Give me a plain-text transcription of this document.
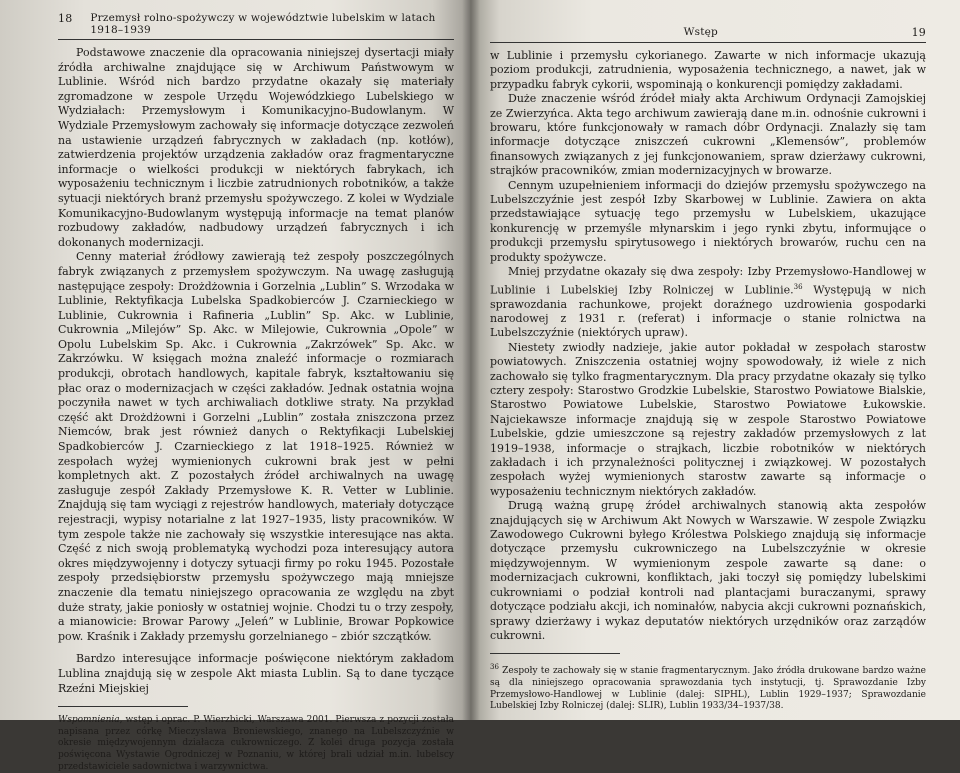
18 Przemysł rolno-spożywczy w województwie lubelskim w latach 1918–1939

Podstawowe znaczenie dla opracowania niniejszej dysertacji miały źródła archiwalne znajdujące się w Archiwum Państwowym w Lublinie. Wśród nich bardzo przydatne okazały się materiały zgromadzone w zespole Urzędu Wojewódzkiego Lubelskiego w Wydziałach: Przemysłowym i Komunikacyjno-Budowlanym. W Wydziale Przemysłowym zachowały się informacje dotyczące zezwoleń na ustawienie urządzeń fabrycznych w zakładach (np. kotłów), zatwierdzenia projektów urządzenia zakładów oraz fragmentaryczne informacje o wielkości produkcji w niektórych fabrykach, ich wyposażeniu technicznym i liczbie zatrudnionych robotników, a także sytuacji niektórych branż przemysłu spożywczego. Z kolei w Wydziale Komunikacyjno-Budowlanym występują informacje na temat planów rozbudowy zakładów, nadbudowy urządzeń fabrycznych i ich dokonanych modernizacji.

Cenny materiał źródłowy zawierają też zespoły poszczególnych fabryk związanych z przemysłem spożywczym. Na uwagę zasługują następujące zespoły: Drożdżownia i Gorzelnia „Lublin” S. Wrzodaka w Lublinie, Rektyfikacja Lubelska Spadkobierców J. Czarnieckiego w Lublinie, Cukrownia i Rafineria „Lublin” Sp. Akc. w Lublinie, Cukrownia „Milejów” Sp. Akc. w Milejowie, Cukrownia „Opole” w Opolu Lubelskim Sp. Akc. i Cukrownia „Zakrzówek” Sp. Akc. w Zakrzówku. W księgach można znaleźć informacje o rozmiarach produkcji, obrotach handlowych, kapitale fabryk, kształtowaniu się płac oraz o modernizacjach w części zakładów. Jednak ostatnia wojna poczyniła nawet w tych archiwaliach dotkliwe straty. Na przykład część akt Drożdżowni i Gorzelni „Lublin” została zniszczona przez Niemców, brak jest również danych o Rektyfikacji Lubelskiej Spadkobierców J. Czarnieckiego z lat 1918–1925. Również w zespołach wyżej wymienionych cukrowni brak jest w pełni kompletnych akt. Z pozostałych źródeł archiwalnych na uwagę zasługuje zespół Zakłady Przemysłowe K. R. Vetter w Lublinie. Znajdują się tam wyciągi z rejestrów handlowych, materiały dotyczące rejestracji, wypisy notarialne z lat 1927–1935, listy pracowników. W tym zespole także nie zachowały się wszystkie interesujące nas akta. Część z nich swoją problematyką wychodzi poza interesujący autora okres międzywojenny i dotyczy sytuacji firmy po roku 1945. Pozostałe zespoły przedsiębiorstw przemysłu spożywczego mają mniejsze znaczenie dla tematu niniejszego opracowania ze względu na zbyt duże straty, jakie poniosły w ostatniej wojnie. Chodzi tu o trzy zespoły, a mianowicie: Browar Parowy „Jeleń” w Lublinie, Browar Popkowice pow. Kraśnik i Zakłady przemysłu gorzelnianego – zbiór szczątków.

Bardzo interesujące informacje poświęcone niektórym zakładom Lublina znajdują się w zespole Akt miasta Lublin. Są to dane tyczące Rzeźni Miejskiej

Wspomnienia, wstęp i oprac. P. Wierzbicki, Warszawa 2001. Pierwsza z pozycji została napisana przez córkę Mieczysława Broniewskiego, znanego na Lubelszczyźnie w okresie międzywojennym działacza cukrowniczego. Z kolei druga pozycja została poświęcona Wystawie Ogrodniczej w Poznaniu, w której brali udział m.in. lubelscy przedstawiciele sadownictwa i warzywnictwa.

Wstęp	19

w Lublinie i przemysłu cykorianego. Zawarte w nich informacje ukazują poziom produkcji, zatrudnienia, wyposażenia technicznego, a nawet, jak w przypadku fabryk cykorii, wspominają o konkurencji pomiędzy zakładami.

Duże znaczenie wśród źródeł miały akta Archiwum Ordynacji Zamojskiej ze Zwierzyńca. Akta tego archiwum zawierają dane m.in. odnośnie cukrowni i browaru, które funkcjonowały w ramach dóbr Ordynacji. Znalazły się tam informacje dotyczące zniszczeń cukrowni „Klemensów”, problemów finansowych związanych z jej funkcjonowaniem, spraw dzierżawy cukrowni, strajków pracowników, zmian modernizacyjnych w browarze.

Cennym uzupełnieniem informacji do dziejów przemysłu spożywczego na Lubelszczyźnie jest zespół Izby Skarbowej w Lublinie. Zawiera on akta przedstawiające sytuację tego przemysłu w Lubelskiem, ukazujące konkurencję w przemyśle młynarskim i jego rynki zbytu, informujące o produkcji przemysłu spirytusowego i niektórych browarów, ruchu cen na produkty spożywcze.

Mniej przydatne okazały się dwa zespoły: Izby Przemysłowo-Handlowej w Lublinie i Lubelskiej Izby Rolniczej w Lublinie.$^{36}$ Występują w nich sprawozdania rachunkowe, projekt doraźnego uzdrowienia gospodarki narodowej z 1931 r. (referat) i informacje o stanie rolnictwa na Lubelszczyźnie (niektórych upraw).

Niestety zwiodły nadzieje, jakie autor pokładał w zespołach starostw powiatowych. Zniszczenia ostatniej wojny spowodowały, iż wiele z nich zachowało się tylko fragmentarycznym. Dla pracy przydatne okazały się tylko cztery zespoły: Starostwo Grodzkie Lubelskie, Starostwo Powiatowe Bialskie, Starostwo Powiatowe Lubelskie, Starostwo Powiatowe Łukowskie. Najciekawsze informacje znajdują się w zespole Starostwo Powiatowe Lubelskie, gdzie umieszczone są rejestry zakładów przemysłowych z lat 1919–1938, informacje o strajkach, liczbie robotników w niektórych zakładach i ich przynależności politycznej i związkowej. W pozostałych zespołach wyżej wymienionych starostw zawarte są informacje o wyposażeniu technicznym niektórych zakładów.

Drugą ważną grupę źródeł archiwalnych stanowią akta zespołów znajdujących się w Archiwum Akt Nowych w Warszawie. W zespole Związku Zawodowego Cukrowni byłego Królestwa Polskiego znajdują się informacje dotyczące przemysłu cukrowniczego na Lubelszczyźnie w okresie międzywojennym. W wymienionym zespole zawarte są dane: o modernizacjach cukrowni, konfliktach, jaki toczył się pomiędzy lubelskimi cukrowniami o podział kontroli nad plantacjami buraczanymi, sprawy dotyczące podziału akcji, ich nominałów, nabycia akcji cukrowni poznańskich, sprawy dzierżawy i wykaz deputatów niektórych urzędników oraz zarządów cukrowni.

$^{36}$ Zespoły te zachowały się w stanie fragmentarycznym. Jako źródła drukowane bardzo ważne są dla niniejszego opracowania sprawozdania tych instytucji, tj. Sprawozdanie Izby Przemysłowo-Handlowej w Lublinie (dalej: SIPHL), Lublin 1929–1937; Sprawozdanie Lubelskiej Izby Rolniczej (dalej: SLIR), Lublin 1933/34–1937/38.
